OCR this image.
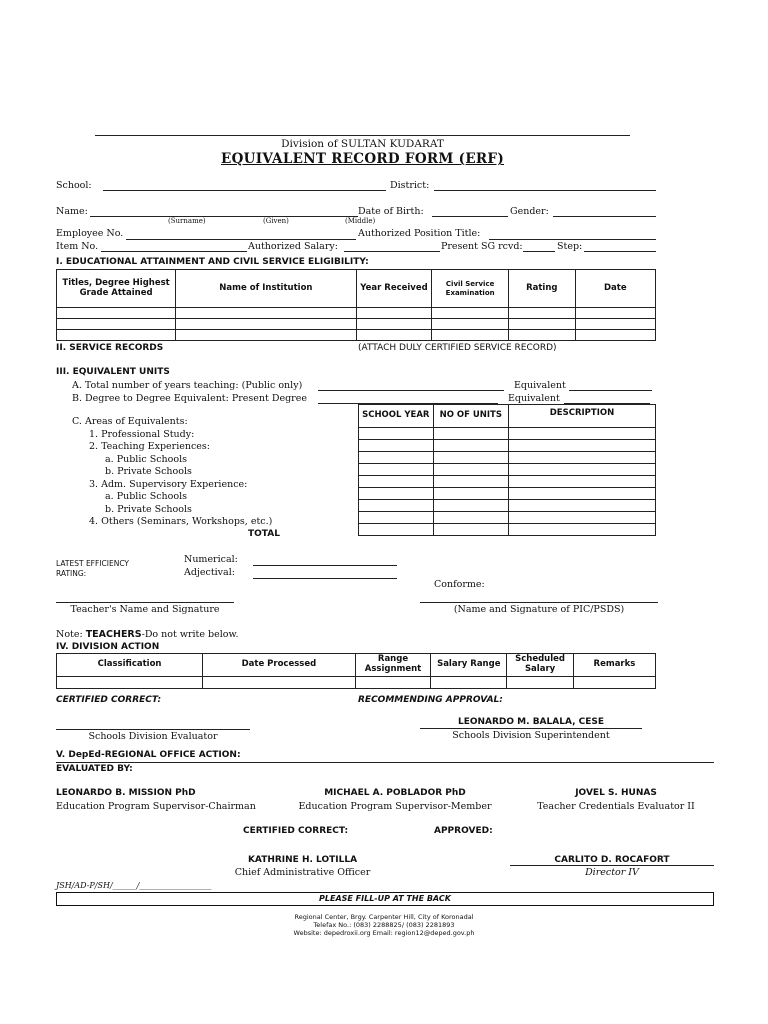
Division of SULTAN KUDARAT
EQUIVALENT RECORD FORM (ERF)
School:	District:
Name:
(Surname)	(Given)	(Middle)
Date of Birth:	Gender:
Employee No.	Authorized Position Title:
Item No.	Authorized Salary:	Present SG rcvd:	Step:
I. EDUCATIONAL ATTAINMENT AND CIVIL SERVICE ELIGIBILITY:
Titles, Degree Highest Grade Attained	Name of Institution	Year Received	Civil Service Examination	Rating	Date

II. SERVICE RECORDS	(ATTACH DULY CERTIFIED SERVICE RECORD)
III. EQUIVALENT UNITS
A. Total number of years teaching: (Public only)	Equivalent
B. Degree to Degree Equivalent: Present Degree	Equivalent
C. Areas of Equivalents:
1. Professional Study:
2. Teaching Experiences:
a. Public Schools
b. Private Schools
3. Adm. Supervisory Experience:
a. Public Schools
b. Private Schools
4. Others (Seminars, Workshops, etc.)
TOTAL
SCHOOL YEAR	NO OF UNITS	DESCRIPTION

LATEST EFFICIENCY RATING:
Numerical:
Adjectival:
Conforme:
Teacher's Name and Signature	(Name and Signature of PIC/PSDS)
Note: TEACHERS-Do not write below.
IV. DIVISION ACTION
Classification	Date Processed	Range Assignment	Salary Range	Scheduled Salary	Remarks

CERTIFIED CORRECT:	RECOMMENDING APPROVAL:
Schools Division Evaluator
LEONARDO M. BALALA, CESE
Schools Division Superintendent
V. DepEd-REGIONAL OFFICE ACTION:
EVALUATED BY:
LEONARDO B. MISSION PhD
Education Program Supervisor-Chairman
MICHAEL A. POBLADOR PhD
Education Program Supervisor-Member
JOVEL S. HUNAS
Teacher Credentials Evaluator II
CERTIFIED CORRECT:	APPROVED:
KATHRINE H. LOTILLA
Chief Administrative Officer
CARLITO D. ROCAFORT
Director IV
JSH/AD-P/SH/______/__________________
PLEASE FILL-UP AT THE BACK
Regional Center, Brgy. Carpenter Hill, City of Koronadal
Telefax No.: (083) 2288825/ (083) 2281893
Website: depedroxii.org Email: region12@deped.gov.ph
